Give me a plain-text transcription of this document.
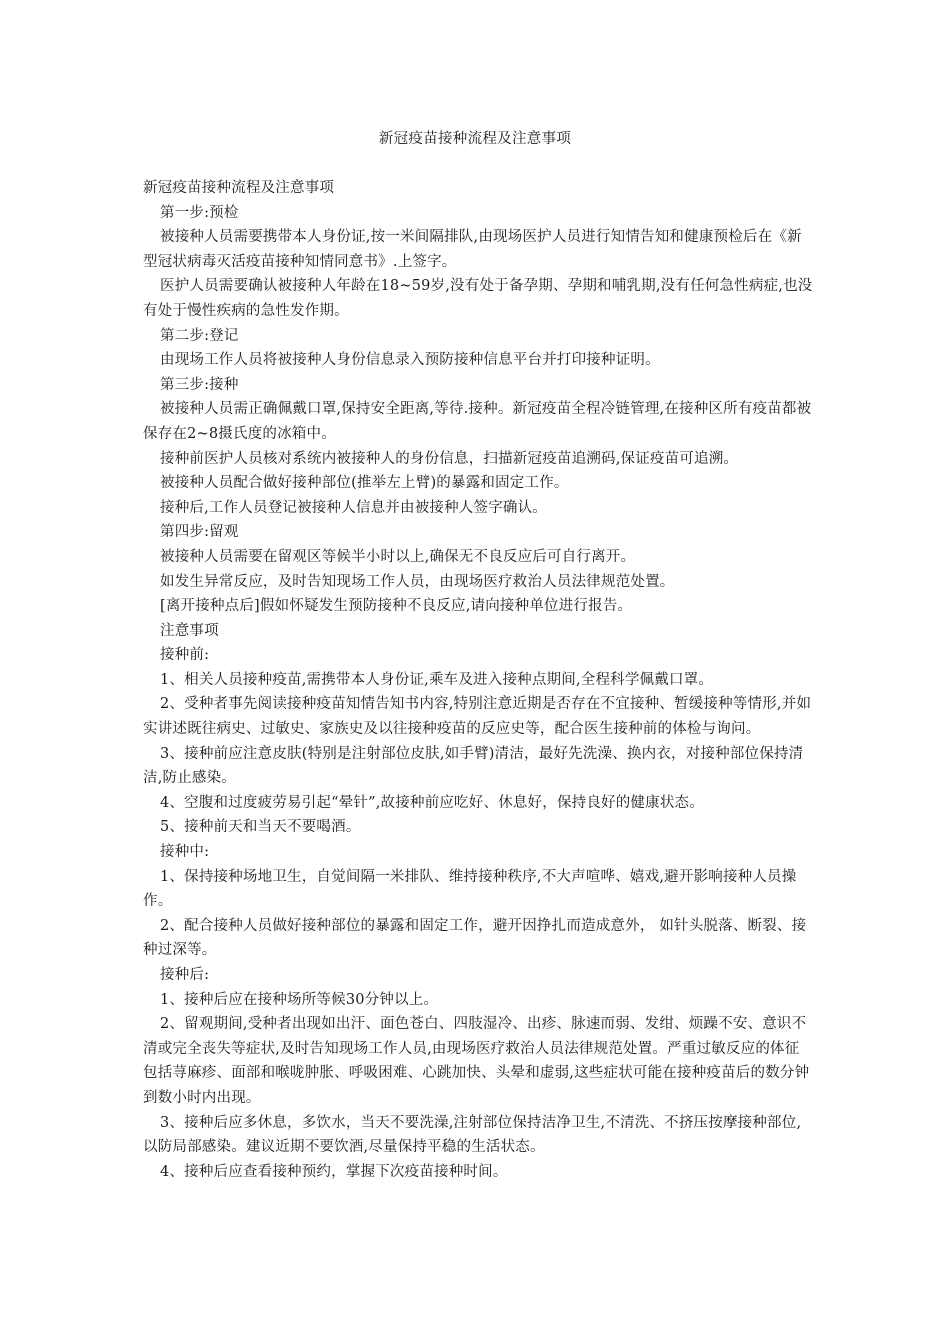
新冠疫苗接种流程及注意事项

新冠疫苗接种流程及注意事项

第一步:预检

被接种人员需要携带本人身份证,按一米间隔排队,由现场医护人员进行知情告知和健康预检后在《新型冠状病毒灭活疫苗接种知情同意书》.上签字。

医护人员需要确认被接种人年龄在18~59岁,没有处于备孕期、孕期和哺乳期,没有任何急性病症,也没有处于慢性疾病的急性发作期。

第二步:登记

由现场工作人员将被接种人身份信息录入预防接种信息平台并打印接种证明。

第三步:接种

被接种人员需正确佩戴口罩,保持安全距离,等待.接种。新冠疫苗全程冷链管理,在接种区所有疫苗都被保存在2~8摄氏度的冰箱中。

接种前医护人员核对系统内被接种人的身份信息，扫描新冠疫苗追溯码,保证疫苗可追溯。

被接种人员配合做好接种部位(推举左上臂)的暴露和固定工作。

接种后,工作人员登记被接种人信息并由被接种人签字确认。

第四步:留观

被接种人员需要在留观区等候半小时以上,确保无不良反应后可自行离开。

如发生异常反应，及时告知现场工作人员，由现场医疗救治人员法律规范处置。

[离开接种点后]假如怀疑发生预防接种不良反应,请向接种单位进行报告。

注意事项

接种前:

1、相关人员接种疫苗,需携带本人身份证,乘车及进入接种点期间,全程科学佩戴口罩。

2、受种者事先阅读接种疫苗知情告知书内容,特别注意近期是否存在不宜接种、暂缓接种等情形,并如实讲述既往病史、过敏史、家族史及以往接种疫苗的反应史等，配合医生接种前的体检与询问。

3、接种前应注意皮肤(特别是注射部位皮肤,如手臂)清洁，最好先洗澡、换内衣，对接种部位保持清洁,防止感染。

4、空腹和过度疲劳易引起“晕针”,故接种前应吃好、休息好，保持良好的健康状态。

5、接种前天和当天不要喝酒。

接种中:

1、保持接种场地卫生，自觉间隔一米排队、维持接种秩序,不大声喧哗、嬉戏,避开影响接种人员操作。

2、配合接种人员做好接种部位的暴露和固定工作，避开因挣扎而造成意外， 如针头脱落、断裂、接种过深等。

接种后:

1、接种后应在接种场所等候30分钟以上。

2、留观期间,受种者出现如出汗、面色苍白、四肢湿冷、出疹、脉速而弱、发绀、烦躁不安、意识不清或完全丧失等症状,及时告知现场工作人员,由现场医疗救治人员法律规范处置。严重过敏反应的体征包括荨麻疹、面部和喉咙肿胀、呼吸困难、心跳加快、头晕和虚弱,这些症状可能在接种疫苗后的数分钟到数小时内出现。

3、接种后应多休息，多饮水，当天不要洗澡,注射部位保持洁净卫生,不清洗、不挤压按摩接种部位,以防局部感染。建议近期不要饮酒,尽量保持平稳的生活状态。

4、接种后应查看接种预约，掌握下次疫苗接种时间。
